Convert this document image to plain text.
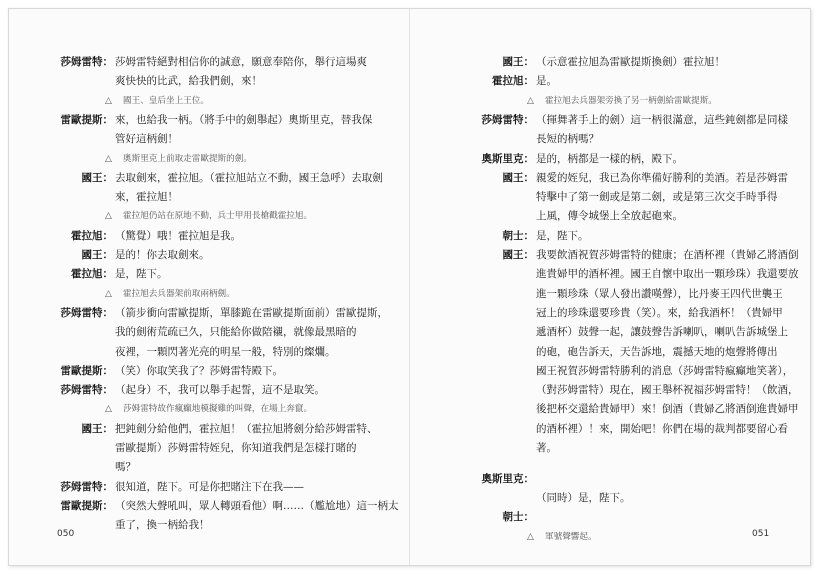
050
莎姆雷特： 莎姆雷特絕對相信你的誠意，願意奉陪你，舉行這場爽
爽快快的比武，給我們劍，來！
△ 國王、皇后坐上王位。
雷歐提斯： 來，也給我一柄。（將手中的劍舉起）奧斯里克，替我保
管好這柄劍！
△ 奧斯里克上前取走雷歐提斯的劍。
國王： 去取劍來，霍拉旭。（霍拉旭站立不動，國王急呼）去取劍
來，霍拉旭！
△ 霍拉旭仍站在原地不動，兵士甲用長槍戳霍拉旭。
霍拉旭： （驚覺）哦！霍拉旭是我。
國王： 是的！你去取劍來。
霍拉旭： 是，陛下。
△ 霍拉旭去兵器架前取兩柄劍。
莎姆雷特： （箭步衝向雷歐提斯，單膝跪在雷歐提斯面前）雷歐提斯，
我的劍術荒疏已久，只能給你做陪襯，就像最黑暗的
夜裡，一顆閃著光亮的明星一般，特別的燦爛。
雷歐提斯： （笑）你取笑我了？莎姆雷特殿下。
莎姆雷特： （起身）不，我可以舉手起誓，這不是取笑。
△ 莎姆雷特故作瘋癲地模擬雞的叫聲，在場上奔竄。
國王： 把鈍劍分給他們，霍拉旭！（霍拉旭將劍分給莎姆雷特、
雷歐提斯）莎姆雷特姪兒，你知道我們是怎樣打賭的
嗎？
莎姆雷特： 很知道，陛下。可是你把賭注下在我——
雷歐提斯： （突然大聲吼叫，眾人轉頭看他）啊……（尷尬地）這一柄太
重了，換一柄給我！
051
國王： （示意霍拉旭為雷歐提斯換劍）霍拉旭！
霍拉旭： 是。
△ 霍拉旭去兵器架旁換了另一柄劍給雷歐提斯。
莎姆雷特： （揮舞著手上的劍）這一柄很滿意，這些鈍劍都是同樣
長短的柄嗎？
奧斯里克： 是的，柄都是一樣的柄，殿下。
國王： 親愛的姪兒，我已為你準備好勝利的美酒。若是莎姆雷
特擊中了第一劍或是第二劍，或是第三次交手時爭得
上風，傳令城堡上全放起砲來。
朝士： 是，陛下。
國王： 我要飲酒祝賀莎姆雷特的健康；在酒杯裡（貴婦乙將酒倒
進貴婦甲的酒杯裡。國王自懷中取出一顆珍珠）我還要放
進一顆珍珠（眾人發出讚嘆聲），比丹麥王四代世襲王
冠上的珍珠還要珍貴（笑）。來，給我酒杯！（貴婦甲
遞酒杯）鼓聲一起，讓鼓聲告訴喇叭，喇叭告訴城堡上
的砲，砲告訴天，天告訴地，震撼天地的炮聲將傳出
國王祝賀莎姆雷特勝利的消息（莎姆雷特瘋癲地笑著），
（對莎姆雷特）現在，國王舉杯祝福莎姆雷特！（飲酒，
後把杯交還給貴婦甲）來！倒酒（貴婦乙將酒倒進貴婦甲
的酒杯裡）！來，開始吧！你們在場的裁判都要留心看
著。
奧斯里克：
（同時）是，陛下。
朝士：
△ 軍號聲響起。
